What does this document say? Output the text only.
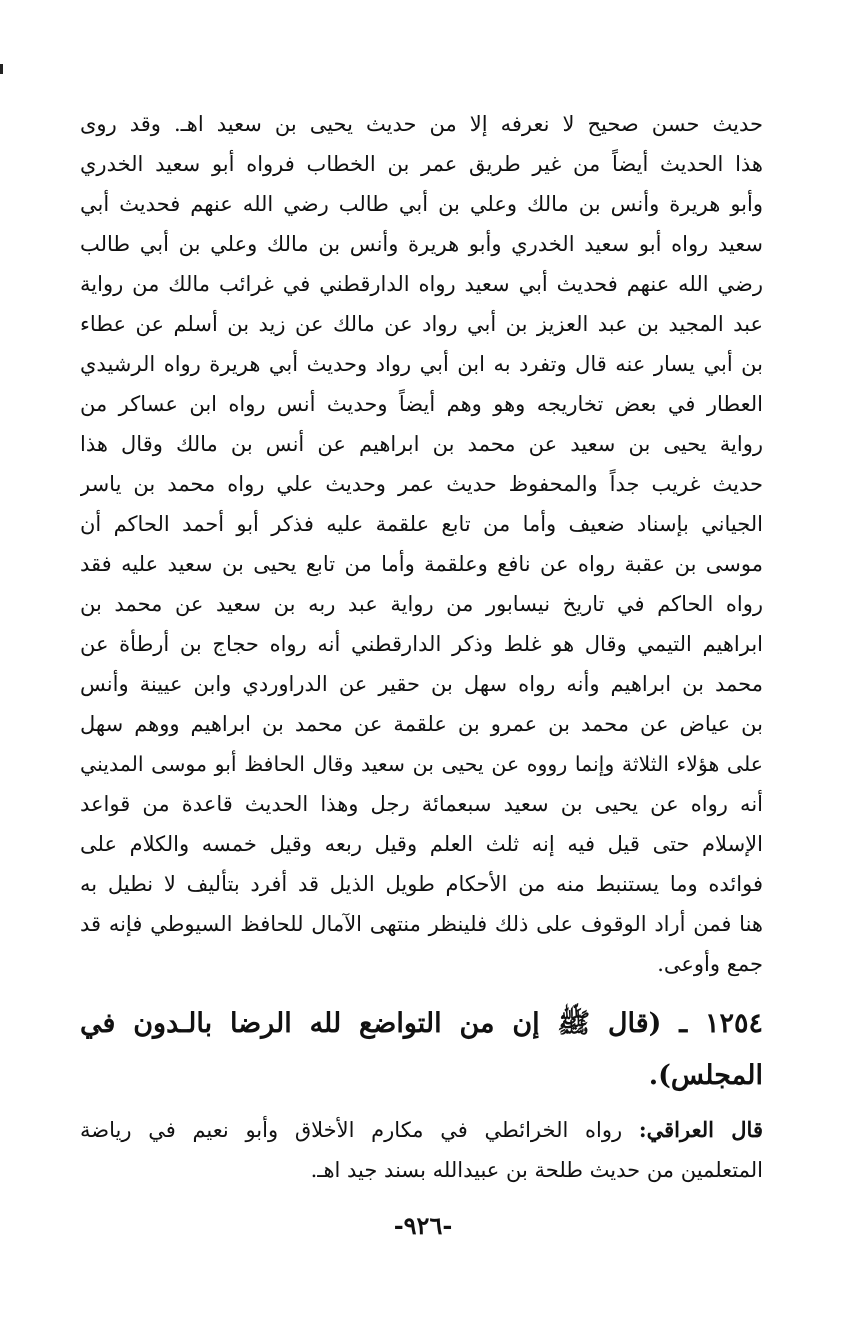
حديث حسن صحيح لا نعرفه إلا من حديث يحيى بن سعيد اهـ. وقد روى
هذا الحديث أيضاً من غير طريق عمر بن الخطاب فرواه أبو سعيد الخدري
وأبو هريرة وأنس بن مالك وعلي بن أبي طالب رضي الله عنهم فحديث أبي
سعيد رواه أبو سعيد الخدري وأبو هريرة وأنس بن مالك وعلي بن أبي طالب
رضي الله عنهم فحديث أبي سعيد رواه الدارقطني في غرائب مالك من رواية
عبد المجيد بن عبد العزيز بن أبي رواد عن مالك عن زيد بن أسلم عن عطاء
بن أبي يسار عنه قال وتفرد به ابن أبي رواد وحديث أبي هريرة رواه الرشيدي
العطار في بعض تخاريجه وهو وهم أيضاً وحديث أنس رواه ابن عساكر من
رواية يحيى بن سعيد عن محمد بن ابراهيم عن أنس بن مالك وقال هذا
حديث غريب جداً والمحفوظ حديث عمر وحديث علي رواه محمد بن ياسر
الجياني بإسناد ضعيف وأما من تابع علقمة عليه فذكر أبو أحمد الحاكم أن
موسى بن عقبة رواه عن نافع وعلقمة وأما من تابع يحيى بن سعيد عليه فقد
رواه الحاكم في تاريخ نيسابور من رواية عبد ربه بن سعيد عن محمد بن
ابراهيم التيمي وقال هو غلط وذكر الدارقطني أنه رواه حجاج بن أرطأة عن
محمد بن ابراهيم وأنه رواه سهل بن حقير عن الدراوردي وابن عيينة وأنس
بن عياض عن محمد بن عمرو بن علقمة عن محمد بن ابراهيم ووهم سهل
على هؤلاء الثلاثة وإنما رووه عن يحيى بن سعيد وقال الحافظ أبو موسى المديني
أنه رواه عن يحيى بن سعيد سبعمائة رجل وهذا الحديث قاعدة من قواعد
الإسلام حتى قيل فيه إنه ثلث العلم وقيل ربعه وقيل خمسه والكلام على
فوائده وما يستنبط منه من الأحكام طويل الذيل قد أفرد بتأليف لا نطيل به
هنا فمن أراد الوقوف على ذلك فلينظر منتهى الآمال للحافظ السيوطي فإنه قد
جمع وأوعى.
١٢٥٤ ـ (قال ﷺ إن من التواضع لله الرضا بالـدون في
المجلس).
قال العراقي: رواه الخرائطي في مكارم الأخلاق وأبو نعيم في رياضة
المتعلمين من حديث طلحة بن عبيدالله بسند جيد اهـ.
-٩٢٦-
